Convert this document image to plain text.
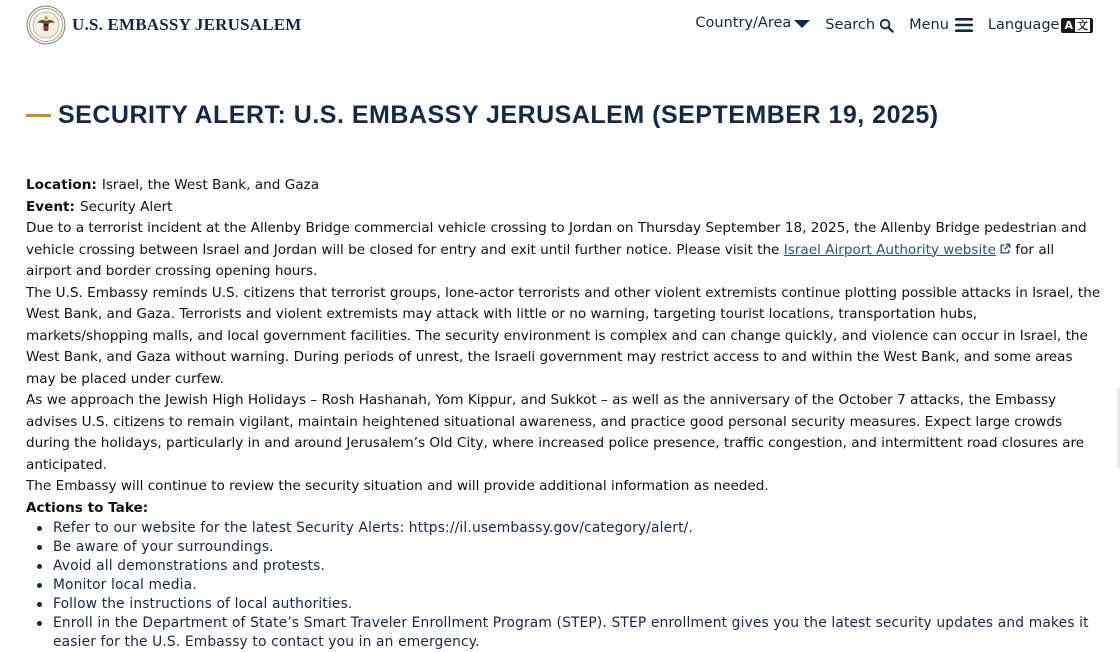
U.S. EMBASSY JERUSALEM	Country/Area Search Menu	Language A 文
SECURITY ALERT: U.S. EMBASSY JERUSALEM (SEPTEMBER 19, 2025)

Location: Israel, the West Bank, and Gaza

Event: Security Alert

Due to a terrorist incident at the Allenby Bridge commercial vehicle crossing to Jordan on Thursday September 18, 2025, the Allenby Bridge pedestrian and vehicle crossing between Israel and Jordan will be closed for entry and exit until further notice. Please visit the Israel Airport Authority website for all airport and border crossing opening hours.

The U.S. Embassy reminds U.S. citizens that terrorist groups, lone-actor terrorists and other violent extremists continue plotting possible attacks in Israel, the West Bank, and Gaza. Terrorists and violent extremists may attack with little or no warning, targeting tourist locations, transportation hubs, markets/shopping malls, and local government facilities. The security environment is complex and can change quickly, and violence can occur in Israel, the West Bank, and Gaza without warning. During periods of unrest, the Israeli government may restrict access to and within the West Bank, and some areas may be placed under curfew.

As we approach the Jewish High Holidays – Rosh Hashanah, Yom Kippur, and Sukkot – as well as the anniversary of the October 7 attacks, the Embassy advises U.S. citizens to remain vigilant, maintain heightened situational awareness, and practice good personal security measures. Expect large crowds during the holidays, particularly in and around Jerusalem’s Old City, where increased police presence, traffic congestion, and intermittent road closures are anticipated.

The Embassy will continue to review the security situation and will provide additional information as needed.

Actions to Take:

Refer to our website for the latest Security Alerts: https://il.usembassy.gov/category/alert/.
Be aware of your surroundings.
Avoid all demonstrations and protests.
Monitor local media.
Follow the instructions of local authorities.
Enroll in the Department of State’s Smart Traveler Enrollment Program (STEP). STEP enrollment gives you the latest security updates and makes it easier for the U.S. Embassy to contact you in an emergency.
